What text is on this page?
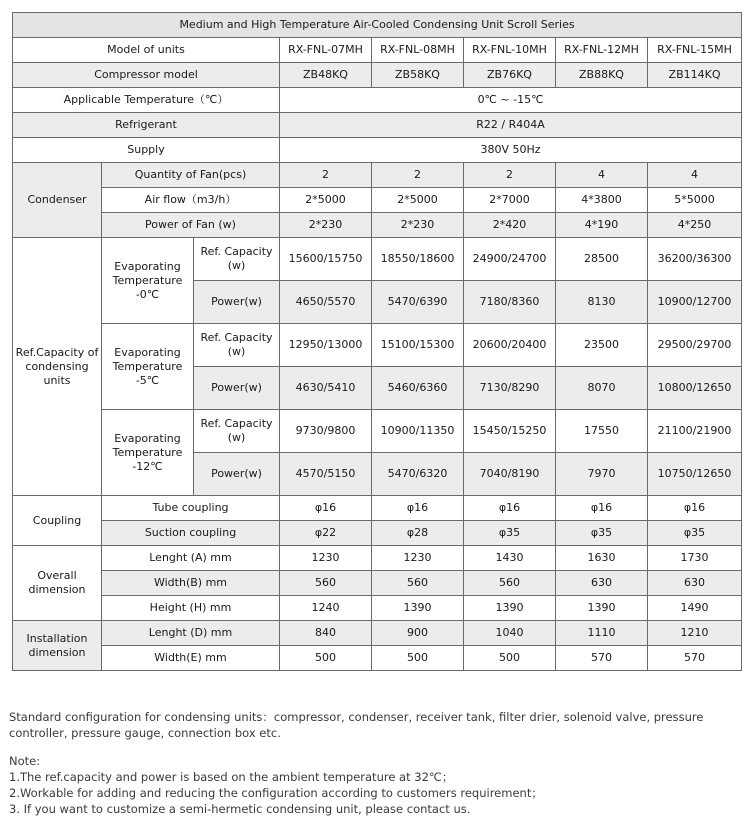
Medium and High Temperature Air-Cooled Condensing Unit Scroll Series							
Model of units			RX-FNL-07MH	RX-FNL-08MH	RX-FNL-10MH	RX-FNL-12MH	RX-FNL-15MH
Compressor model			ZB48KQ	ZB58KQ	ZB76KQ	ZB88KQ	ZB114KQ
Applicable Temperature（℃）			0℃ ~ -15℃				
Refrigerant			R22 / R404A				
Supply			380V 50Hz				
Condenser	Quantity of Fan(pcs)		2	2	2	4	4
	Air flow（m3/h）		2*5000	2*5000	2*7000	4*3800	5*5000
	Power of Fan (w)		2*230	2*230	2*420	4*190	4*250
Ref.Capacity of condensing units	Evaporating Temperature -0℃	Ref. Capacity (w)	15600/15750	18550/18600	24900/24700	28500	36200/36300
		Power(w)	4650/5570	5470/6390	7180/8360	8130	10900/12700
	Evaporating Temperature -5℃	Ref. Capacity (w)	12950/13000	15100/15300	20600/20400	23500	29500/29700
		Power(w)	4630/5410	5460/6360	7130/8290	8070	10800/12650
	Evaporating Temperature -12℃	Ref. Capacity (w)	9730/9800	10900/11350	15450/15250	17550	21100/21900
		Power(w)	4570/5150	5470/6320	7040/8190	7970	10750/12650
Coupling	Tube coupling		φ16	φ16	φ16	φ16	φ16
	Suction coupling		φ22	φ28	φ35	φ35	φ35
Overall dimension	Lenght (A) mm		1230	1230	1430	1630	1730
	Width(B) mm		560	560	560	630	630
	Height (H) mm		1240	1390	1390	1390	1490
Installation dimension	Lenght (D) mm		840	900	1040	1110	1210
	Width(E) mm		500	500	500	570	570

Standard configuration for condensing units：compressor, condenser, receiver tank, filter drier, solenoid valve, pressure controller, pressure gauge, connection box etc.

Note:

1.The ref.capacity and power is based on the ambient temperature at 32℃；

2.Workable for adding and reducing the configuration according to customers requirement；

3. If you want to customize a semi-hermetic condensing unit, please contact us.
